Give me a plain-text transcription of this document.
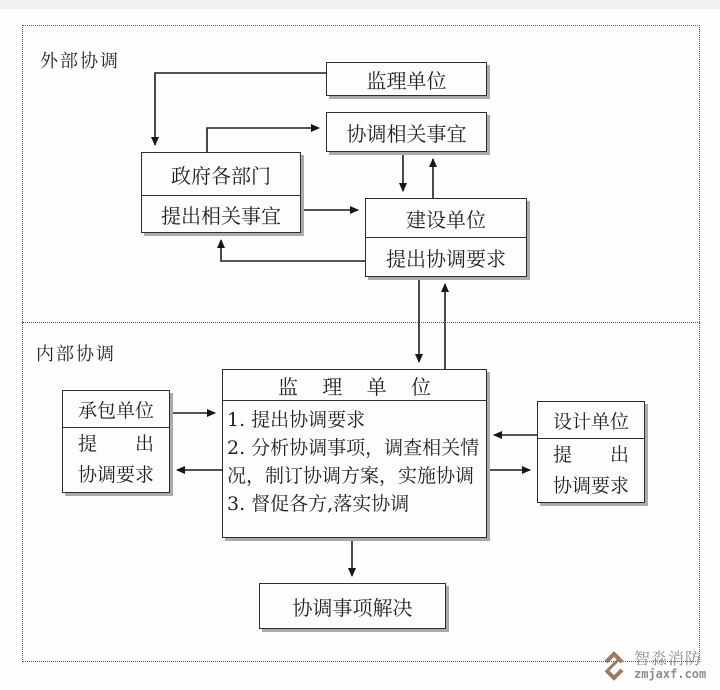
外部协调
内部协调
监理单位
协调相关事宜
政府各部门
提出相关事宜	建设单位
提出协调要求
承包单位
提　　出
协调要求
监 理 单 位
1. 提出协调要求
2. 分析协调事项，调查相关情
况，制订协调方案，实施协调
3. 督促各方,落实协调
设计单位
提　　出
协调要求
协调事项解决
智淼消防
zmjaxf.com
